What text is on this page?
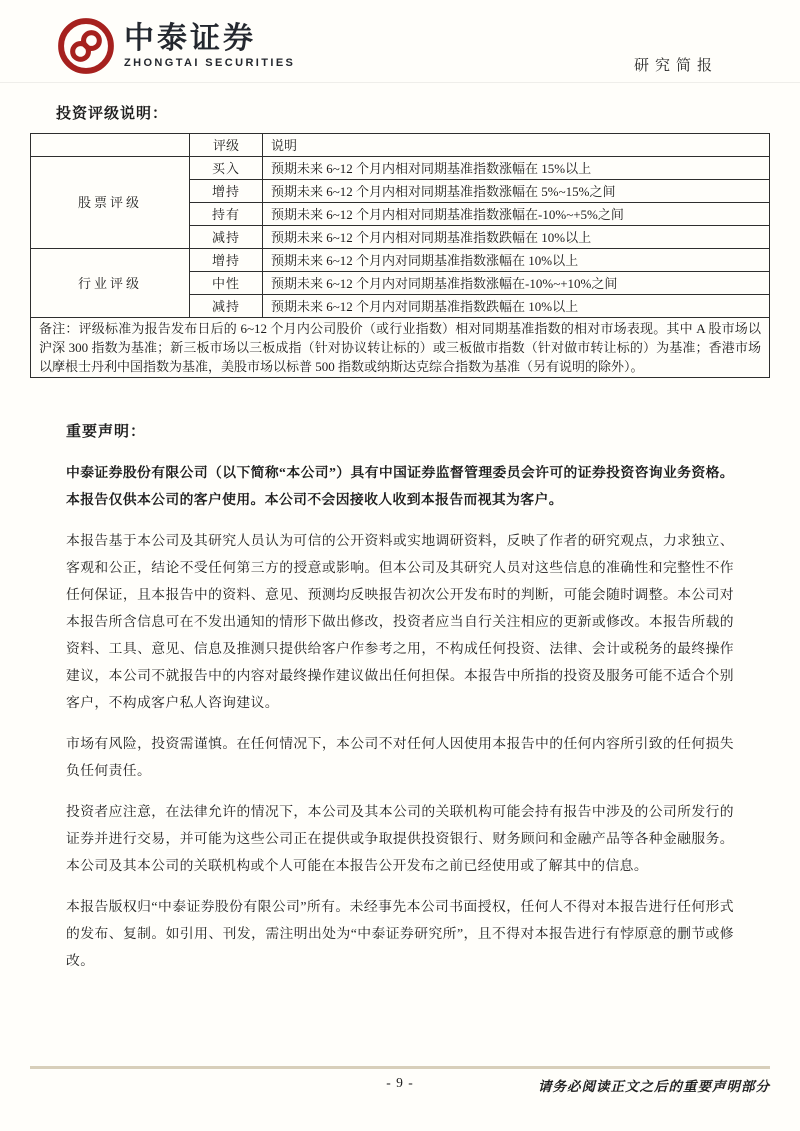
中泰证券
ZHONGTAI SECURITIES	研究简报
投资评级说明：
	评级	说明
股票评级	买入	预期未来 6~12 个月内相对同期基准指数涨幅在 15%以上
	增持	预期未来 6~12 个月内相对同期基准指数涨幅在 5%~15%之间
	持有	预期未来 6~12 个月内相对同期基准指数涨幅在-10%~+5%之间
	减持	预期未来 6~12 个月内相对同期基准指数跌幅在 10%以上
行业评级	增持	预期未来 6~12 个月内对同期基准指数涨幅在 10%以上
	中性	预期未来 6~12 个月内对同期基准指数涨幅在-10%~+10%之间
	减持	预期未来 6~12 个月内对同期基准指数跌幅在 10%以上
备注：评级标准为报告发布日后的 6~12 个月内公司股价（或行业指数）相对同期基准指数的相对市场表现。其中 A 股市场以沪深 300 指数为基准；新三板市场以三板成指（针对协议转让标的）或三板做市指数（针对做市转让标的）为基准；香港市场以摩根士丹利中国指数为基准，美股市场以标普 500 指数或纳斯达克综合指数为基准（另有说明的除外）。		
重要声明：

中泰证券股份有限公司（以下简称“本公司”）具有中国证券监督管理委员会许可的证券投资咨询业务资格。本报告仅供本公司的客户使用。本公司不会因接收人收到本报告而视其为客户。

本报告基于本公司及其研究人员认为可信的公开资料或实地调研资料，反映了作者的研究观点，力求独立、客观和公正，结论不受任何第三方的授意或影响。但本公司及其研究人员对这些信息的准确性和完整性不作任何保证，且本报告中的资料、意见、预测均反映报告初次公开发布时的判断，可能会随时调整。本公司对本报告所含信息可在不发出通知的情形下做出修改，投资者应当自行关注相应的更新或修改。本报告所载的资料、工具、意见、信息及推测只提供给客户作参考之用，不构成任何投资、法律、会计或税务的最终操作建议，本公司不就报告中的内容对最终操作建议做出任何担保。本报告中所指的投资及服务可能不适合个别客户，不构成客户私人咨询建议。

市场有风险，投资需谨慎。在任何情况下，本公司不对任何人因使用本报告中的任何内容所引致的任何损失负任何责任。

投资者应注意，在法律允许的情况下，本公司及其本公司的关联机构可能会持有报告中涉及的公司所发行的证券并进行交易，并可能为这些公司正在提供或争取提供投资银行、财务顾问和金融产品等各种金融服务。本公司及其本公司的关联机构或个人可能在本报告公开发布之前已经使用或了解其中的信息。

本报告版权归“中泰证券股份有限公司”所有。未经事先本公司书面授权，任何人不得对本报告进行任何形式的发布、复制。如引用、刊发，需注明出处为“中泰证券研究所”，且不得对本报告进行有悖原意的删节或修改。

- 9 -	请务必阅读正文之后的重要声明部分
